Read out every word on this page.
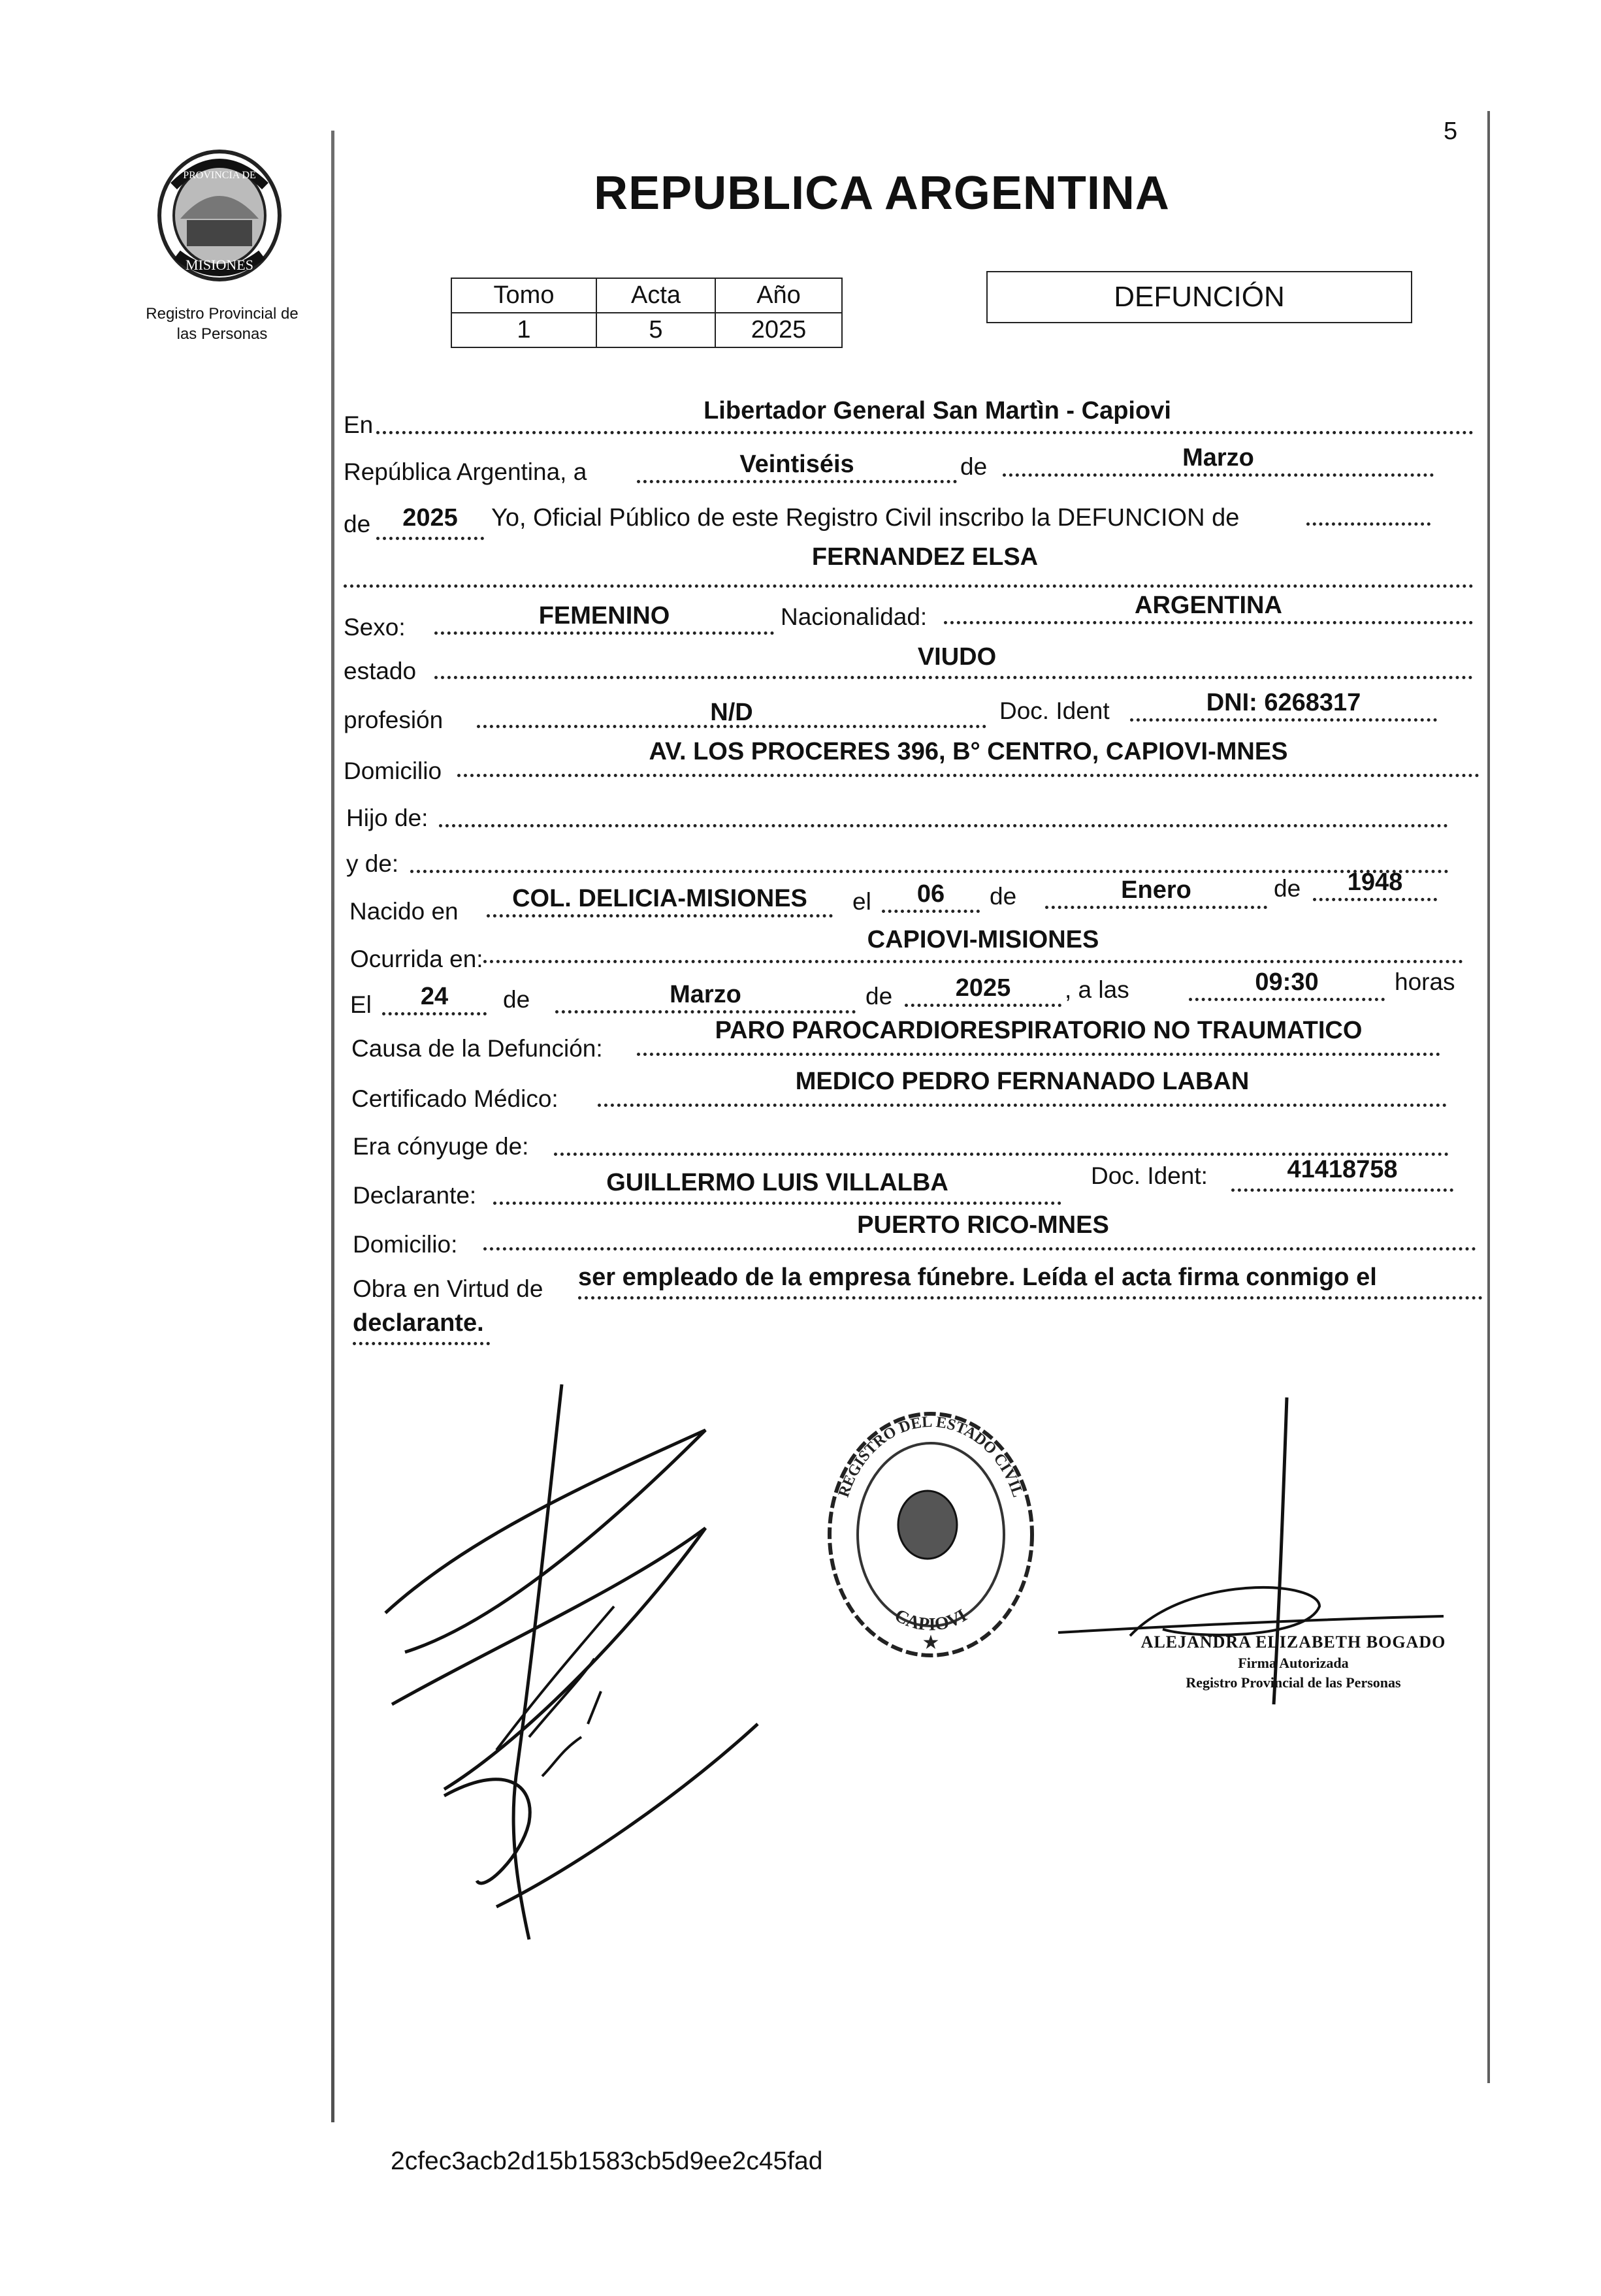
5
PROVINCIA DE
MISIONES
Registro Provincial de
las Personas
REPUBLICA ARGENTINA
Tomo	Acta	Año
1	5	2025
DEFUNCIÓN
En
Libertador General San Martìn - Capiovi
República Argentina, a	Veintiséis	de	Marzo
de	2025	Yo, Oficial Público de este Registro Civil inscribo la DEFUNCION de
FERNANDEZ ELSA
Sexo:	FEMENINO	Nacionalidad:	ARGENTINA
estado
VIUDO
profesión	N/D	Doc. Ident	DNI: 6268317
Domicilio
AV. LOS PROCERES 396, B° CENTRO, CAPIOVI-MNES
Hijo de:
y de:
Nacido en	COL. DELICIA-MISIONES	el	06	de	Enero	de	1948
Ocurrida en:
CAPIOVI-MISIONES
El	24	de	Marzo	de	2025	, a las	09:30	horas
Causa de la Defunción:
PARO PAROCARDIORESPIRATORIO NO TRAUMATICO
Certificado Médico:
MEDICO PEDRO FERNANADO LABAN
Era cónyuge de:
Declarante:	GUILLERMO LUIS VILLALBA	Doc. Ident:	41418758
Domicilio:
PUERTO RICO-MNES
Obra en Virtud de ser empleado de la empresa fúnebre. Leída el acta firma conmigo el
declarante.
REGISTRO DEL ESTADO CIVIL
CAPIOVI
★	ALEJANDRA ELIZABETH BOGADO
Firma Autorizada
Registro Provincial de las Personas
2cfec3acb2d15b1583cb5d9ee2c45fad
